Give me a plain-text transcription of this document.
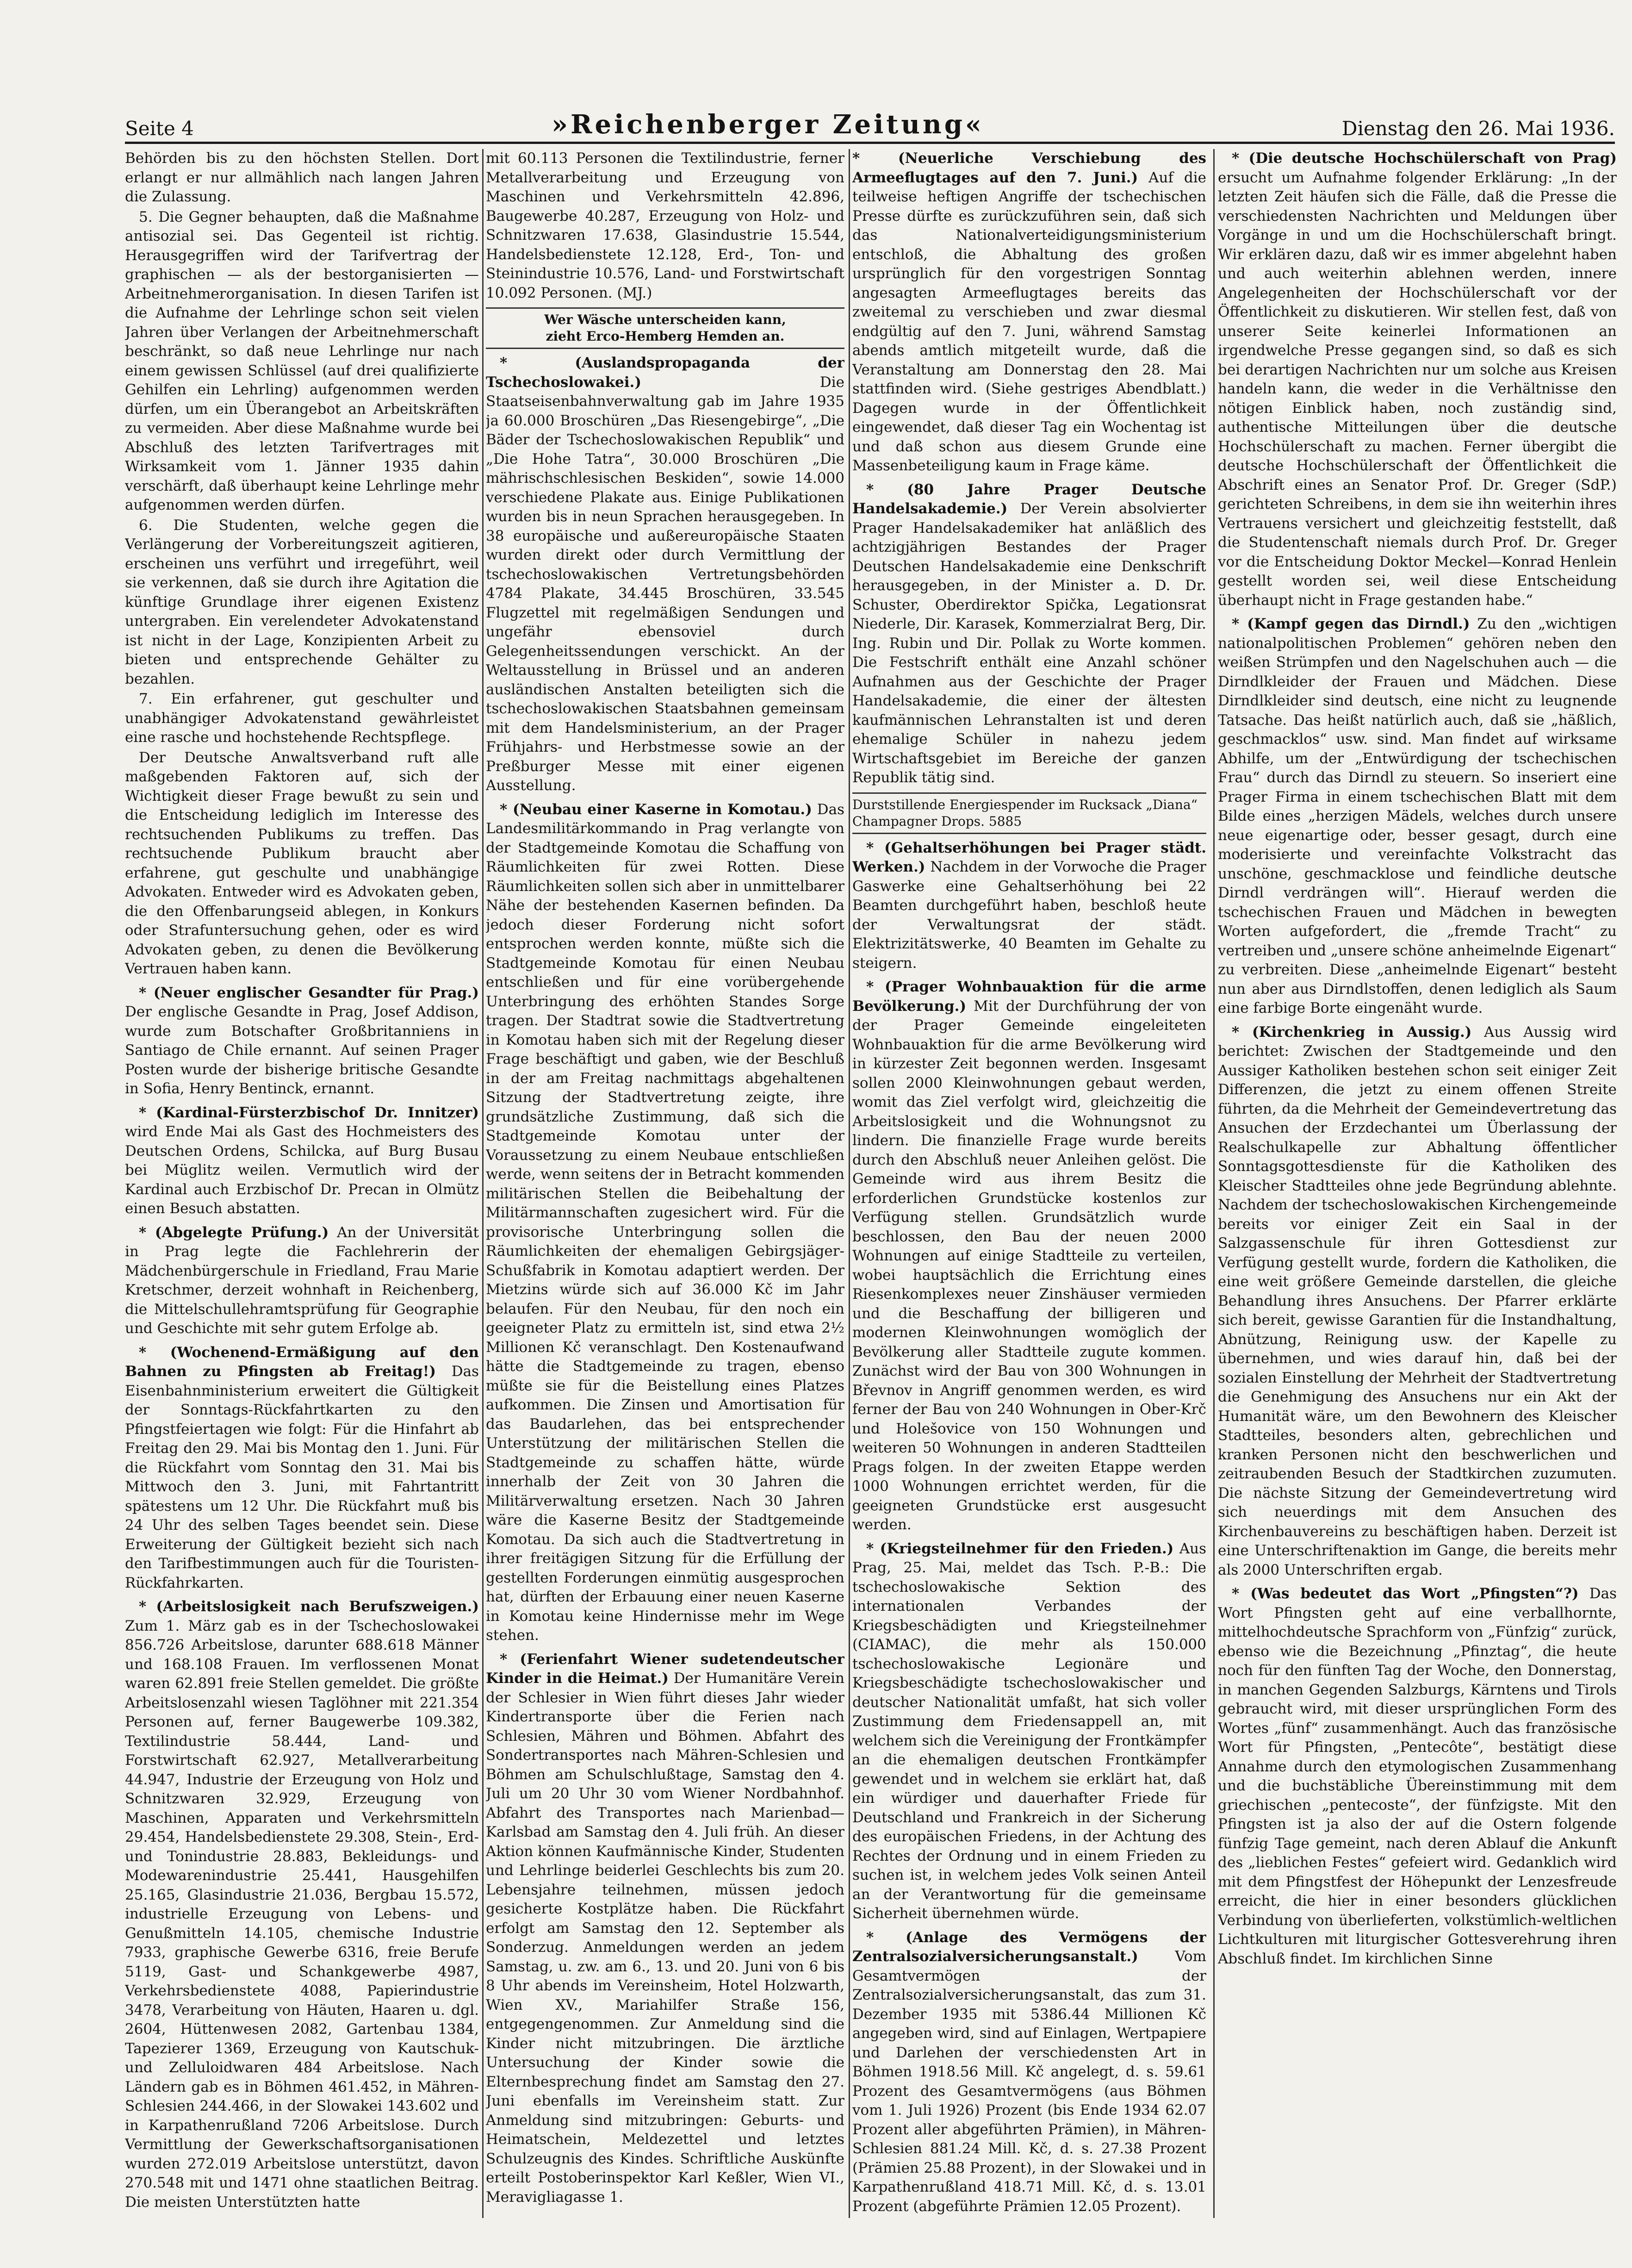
Seite 4	»Reichenberger Zeitung«	Dienstag den 26. Mai 1936.

Behörden bis zu den höchsten Stellen. Dort erlangt er nur allmählich nach langen Jahren die Zulassung.

5. Die Gegner behaupten, daß die Maßnahme antisozial sei. Das Gegenteil ist richtig. Herausgegriffen wird der Tarifvertrag der graphischen — als der bestorganisierten — Arbeitnehmerorganisation. In diesen Tarifen ist die Aufnahme der Lehrlinge schon seit vielen Jahren über Verlangen der Arbeitnehmerschaft beschränkt, so daß neue Lehrlinge nur nach einem gewissen Schlüssel (auf drei qualifizierte Gehilfen ein Lehrling) aufgenommen werden dürfen, um ein Überangebot an Arbeitskräften zu vermeiden. Aber diese Maßnahme wurde bei Abschluß des letzten Tarifvertrages mit Wirksamkeit vom 1. Jänner 1935 dahin verschärft, daß überhaupt keine Lehrlinge mehr aufgenommen werden dürfen.

6. Die Studenten, welche gegen die Verlängerung der Vorbereitungszeit agitieren, erscheinen uns verführt und irregeführt, weil sie verkennen, daß sie durch ihre Agitation die künftige Grundlage ihrer eigenen Existenz untergraben. Ein verelendeter Advokatenstand ist nicht in der Lage, Konzipienten Arbeit zu bieten und entsprechende Gehälter zu bezahlen.

7. Ein erfahrener, gut geschulter und unabhängiger Advokatenstand gewährleistet eine rasche und hochstehende Rechtspflege.

Der Deutsche Anwaltsverband ruft alle maßgebenden Faktoren auf, sich der Wichtigkeit dieser Frage bewußt zu sein und die Entscheidung lediglich im Interesse des rechtsuchenden Publikums zu treffen. Das rechtsuchende Publikum braucht aber erfahrene, gut geschulte und unabhängige Advokaten. Entweder wird es Advokaten geben, die den Offenbarungseid ablegen, in Konkurs oder Strafuntersuchung gehen, oder es wird Advokaten geben, zu denen die Bevölkerung Vertrauen haben kann.

* (Neuer englischer Gesandter für Prag.) Der englische Gesandte in Prag, Josef Addison, wurde zum Botschafter Großbritanniens in Santiago de Chile ernannt. Auf seinen Prager Posten wurde der bisherige britische Gesandte in Sofia, Henry Bentinck, ernannt.

* (Kardinal-Fürsterzbischof Dr. Innitzer) wird Ende Mai als Gast des Hochmeisters des Deutschen Ordens, Schilcka, auf Burg Busau bei Müglitz weilen. Vermutlich wird der Kardinal auch Erzbischof Dr. Precan in Olmütz einen Besuch abstatten.

* (Abgelegte Prüfung.) An der Universität in Prag legte die Fachlehrerin der Mädchenbürgerschule in Friedland, Frau Marie Kretschmer, derzeit wohnhaft in Reichenberg, die Mittelschullehramtsprüfung für Geographie und Geschichte mit sehr gutem Erfolge ab.

* (Wochenend-Ermäßigung auf den Bahnen zu Pfingsten ab Freitag!) Das Eisenbahnministerium erweitert die Gültigkeit der Sonntags-Rückfahrtkarten zu den Pfingstfeiertagen wie folgt: Für die Hinfahrt ab Freitag den 29. Mai bis Montag den 1. Juni. Für die Rückfahrt vom Sonntag den 31. Mai bis Mittwoch den 3. Juni, mit Fahrtantritt spätestens um 12 Uhr. Die Rückfahrt muß bis 24 Uhr des selben Tages beendet sein. Diese Erweiterung der Gültigkeit bezieht sich nach den Tarifbestimmungen auch für die Touristen-Rückfahrkarten.

* (Arbeitslosigkeit nach Berufszweigen.) Zum 1. März gab es in der Tschechoslowakei 856.726 Arbeitslose, darunter 688.618 Männer und 168.108 Frauen. Im verflossenen Monat waren 62.891 freie Stellen gemeldet. Die größte Arbeitslosenzahl wiesen Taglöhner mit 221.354 Personen auf, ferner Baugewerbe 109.382, Textilindustrie 58.444, Land- und Forstwirtschaft 62.927, Metallverarbeitung 44.947, Industrie der Erzeugung von Holz und Schnitzwaren 32.929, Erzeugung von Maschinen, Apparaten und Verkehrsmitteln 29.454, Handelsbedienstete 29.308, Stein-, Erd- und Tonindustrie 28.883, Bekleidungs- und Modewarenindustrie 25.441, Hausgehilfen 25.165, Glasindustrie 21.036, Bergbau 15.572, industrielle Erzeugung von Lebens- und Genußmitteln 14.105, chemische Industrie 7933, graphische Gewerbe 6316, freie Berufe 5119, Gast- und Schankgewerbe 4987, Verkehrsbedienstete 4088, Papierindustrie 3478, Verarbeitung von Häuten, Haaren u. dgl. 2604, Hüttenwesen 2082, Gartenbau 1384, Tapezierer 1369, Erzeugung von Kautschuk- und Zelluloidwaren 484 Arbeitslose. Nach Ländern gab es in Böhmen 461.452, in Mähren-Schlesien 244.466, in der Slowakei 143.602 und in Karpathenrußland 7206 Arbeitslose. Durch Vermittlung der Gewerkschaftsorganisationen wurden 272.019 Arbeitslose unterstützt, davon 270.548 mit und 1471 ohne staatlichen Beitrag. Die meisten Unterstützten hatte

mit 60.113 Personen die Textilindustrie, ferner Metallverarbeitung und Erzeugung von Maschinen und Verkehrsmitteln 42.896, Baugewerbe 40.287, Erzeugung von Holz- und Schnitzwaren 17.638, Glasindustrie 15.544, Handelsbedienstete 12.128, Erd-, Ton- und Steinindustrie 10.576, Land- und Forstwirtschaft 10.092 Personen. (MJ.)

Wer Wäsche unterscheiden kann,
zieht Erco-Hemberg Hemden an.

* (Auslandspropaganda der Tschechoslowakei.)	Die Staatseisenbahnverwaltung gab im Jahre 1935 ja 60.000 Broschüren „Das Riesengebirge“, „Die Bäder der Tschechoslowakischen Republik“ und „Die Hohe Tatra“, 30.000 Broschüren „Die mährischschlesischen Beskiden“, sowie 14.000 verschiedene Plakate aus. Einige Publikationen wurden bis in neun Sprachen herausgegeben. In 38 europäische und außereuropäische Staaten wurden direkt oder durch Vermittlung der tschechoslowakischen Vertretungsbehörden 4784 Plakate, 34.445 Broschüren, 33.545 Flugzettel mit regelmäßigen Sendungen und ungefähr ebensoviel durch Gelegenheitssendungen verschickt. An der Weltausstellung in Brüssel und an anderen ausländischen Anstalten beteiligten sich die tschechoslowakischen Staatsbahnen gemeinsam mit dem Handelsministerium, an der Prager Frühjahrs- und Herbstmesse sowie an der Preßburger Messe mit einer eigenen Ausstellung.

* (Neubau einer Kaserne in Komotau.) Das Landesmilitärkommando in Prag verlangte von der Stadtgemeinde Komotau die Schaffung von Räumlichkeiten für zwei Rotten. Diese Räumlichkeiten sollen sich aber in unmittelbarer Nähe der bestehenden Kasernen befinden. Da jedoch dieser Forderung nicht sofort entsprochen werden konnte, müßte sich die Stadtgemeinde Komotau für einen Neubau entschließen und für eine vorübergehende Unterbringung des erhöhten Standes Sorge tragen. Der Stadtrat sowie die Stadtvertretung in Komotau haben sich mit der Regelung dieser Frage beschäftigt und gaben, wie der Beschluß in der am Freitag nachmittags abgehaltenen Sitzung der Stadtvertretung zeigte, ihre grundsätzliche Zustimmung, daß sich die Stadtgemeinde Komotau unter der Voraussetzung zu einem Neubaue entschließen werde, wenn seitens der in Betracht kommenden militärischen Stellen die Beibehaltung der Militärmannschaften zugesichert wird. Für die provisorische Unterbringung sollen die Räumlichkeiten der ehemaligen Gebirgsjäger-Schußfabrik in Komotau adaptiert werden. Der Mietzins würde sich auf 36.000 Kč im Jahr belaufen. Für den Neubau, für den noch ein geeigneter Platz zu ermitteln ist, sind etwa 2½ Millionen Kč veranschlagt. Den Kostenaufwand hätte die Stadtgemeinde zu tragen, ebenso müßte sie für die Beistellung eines Platzes aufkommen. Die Zinsen und Amortisation für das Baudarlehen, das bei entsprechender Unterstützung der militärischen Stellen die Stadtgemeinde zu schaffen hätte, würde innerhalb der Zeit von 30 Jahren die Militärverwaltung ersetzen. Nach 30 Jahren wäre die Kaserne Besitz der Stadtgemeinde Komotau. Da sich auch die Stadtvertretung in ihrer freitägigen Sitzung für die Erfüllung der gestellten Forderungen einmütig ausgesprochen hat, dürften der Erbauung einer neuen Kaserne in Komotau keine Hindernisse mehr im Wege stehen.

* (Ferienfahrt Wiener sudetendeutscher Kinder in die Heimat.) Der Humanitäre Verein der Schlesier in Wien führt dieses Jahr wieder Kindertransporte über die Ferien nach Schlesien, Mähren und Böhmen. Abfahrt des Sondertransportes nach Mähren-Schlesien und Böhmen am Schulschlußtage, Samstag den 4. Juli um 20 Uhr 30 vom Wiener Nordbahnhof. Abfahrt des Transportes nach Marienbad—Karlsbad am Samstag den 4. Juli früh. An dieser Aktion können Kaufmännische Kinder, Studenten und Lehrlinge beiderlei Geschlechts bis zum 20. Lebensjahre teilnehmen, müssen jedoch gesicherte Kostplätze haben. Die Rückfahrt erfolgt am Samstag den 12. September als Sonderzug. Anmeldungen werden an jedem Samstag, u. zw. am 6., 13. und 20. Juni von 6 bis 8 Uhr abends im Vereinsheim, Hotel Holzwarth, Wien XV., Mariahilfer Straße 156, entgegengenommen. Zur Anmeldung sind die Kinder nicht mitzubringen. Die ärztliche Untersuchung der Kinder sowie die Elternbesprechung findet am Samstag den 27. Juni ebenfalls im Vereinsheim statt. Zur Anmeldung sind mitzubringen: Geburts- und Heimatschein, Meldezettel und letztes Schulzeugnis des Kindes. Schriftliche Auskünfte erteilt Postoberinspektor Karl Keßler, Wien VI., Meravigliagasse 1.

* (Neuerliche Verschiebung des Armeeflugtages auf den 7. Juni.) Auf die teilweise heftigen Angriffe der tschechischen Presse dürfte es zurückzuführen sein, daß sich das Nationalverteidigungsministerium entschloß, die Abhaltung des großen ursprünglich für den vorgestrigen Sonntag angesagten Armeeflugtages bereits das zweitemal zu verschieben und zwar diesmal endgültig auf den 7. Juni, während Samstag abends amtlich mitgeteilt wurde, daß die Veranstaltung am Donnerstag den 28. Mai stattfinden wird. (Siehe gestriges Abendblatt.) Dagegen wurde in der Öffentlichkeit eingewendet, daß dieser Tag ein Wochentag ist und daß schon aus diesem Grunde eine Massenbeteiligung kaum in Frage käme.

* (80 Jahre Prager Deutsche Handelsakademie.) Der Verein absolvierter Prager Handelsakademiker hat anläßlich des achtzigjährigen Bestandes der Prager Deutschen Handelsakademie eine Denkschrift herausgegeben, in der Minister a. D. Dr. Schuster, Oberdirektor Spička, Legationsrat Niederle, Dir. Karasek, Kommerzialrat Berg, Dir. Ing. Rubin und Dir. Pollak zu Worte kommen. Die Festschrift enthält eine Anzahl schöner Aufnahmen aus der Geschichte der Prager Handelsakademie, die einer der ältesten kaufmännischen Lehranstalten ist und deren ehemalige Schüler in nahezu jedem Wirtschaftsgebiet im Bereiche der ganzen Republik tätig sind.

Durststillende Energiespender im Rucksack „Diana“ Champagner Drops. 5885

* (Gehaltserhöhungen bei Prager städt. Werken.) Nachdem in der Vorwoche die Prager Gaswerke eine Gehaltserhöhung bei 22 Beamten durchgeführt haben, beschloß heute der Verwaltungsrat der städt. Elektrizitätswerke, 40 Beamten im Gehalte zu steigern.

* (Prager Wohnbauaktion für die arme Bevölkerung.) Mit der Durchführung der von der Prager Gemeinde eingeleiteten Wohnbauaktion für die arme Bevölkerung wird in kürzester Zeit begonnen werden. Insgesamt sollen 2000 Kleinwohnungen gebaut werden, womit das Ziel verfolgt wird, gleichzeitig die Arbeitslosigkeit und die Wohnungsnot zu lindern. Die finanzielle Frage wurde bereits durch den Abschluß neuer Anleihen gelöst. Die Gemeinde wird aus ihrem Besitz die erforderlichen Grundstücke kostenlos zur Verfügung stellen. Grundsätzlich wurde beschlossen, den Bau der neuen 2000 Wohnungen auf einige Stadtteile zu verteilen, wobei hauptsächlich die Errichtung eines Riesenkomplexes neuer Zinshäuser vermieden und die Beschaffung der billigeren und modernen Kleinwohnungen womöglich der Bevölkerung aller Stadtteile zugute kommen. Zunächst wird der Bau von 300 Wohnungen in Břevnov in Angriff genommen werden, es wird ferner der Bau von 240 Wohnungen in Ober-Krč und Holešovice von 150 Wohnungen und weiteren 50 Wohnungen in anderen Stadtteilen Prags folgen. In der zweiten Etappe werden 1000 Wohnungen errichtet werden, für die geeigneten Grundstücke erst ausgesucht werden.

* (Kriegsteilnehmer für den Frieden.) Aus Prag, 25. Mai, meldet das Tsch. P.-B.: Die tschechoslowakische Sektion des internationalen Verbandes der Kriegsbeschädigten und Kriegsteilnehmer (CIAMAC), die mehr als 150.000 tschechoslowakische Legionäre und Kriegsbeschädigte tschechoslowakischer und deutscher Nationalität umfaßt, hat sich voller Zustimmung dem Friedensappell an, mit welchem sich die Vereinigung der Frontkämpfer an die ehemaligen deutschen Frontkämpfer gewendet und in welchem sie erklärt hat, daß ein würdiger und dauerhafter Friede für Deutschland und Frankreich in der Sicherung des europäischen Friedens, in der Achtung des Rechtes der Ordnung und in einem Frieden zu suchen ist, in welchem jedes Volk seinen Anteil an der Verantwortung für die gemeinsame Sicherheit übernehmen würde.

* (Anlage des Vermögens der Zentralsozialversicherungsanstalt.)	Vom Gesamtvermögen der Zentralsozialversicherungsanstalt, das zum 31. Dezember 1935 mit 5386.44 Millionen Kč angegeben wird, sind auf Einlagen, Wertpapiere und Darlehen der verschiedensten Art in Böhmen 1918.56 Mill. Kč angelegt, d. s. 59.61 Prozent des Gesamtvermögens (aus Böhmen vom 1. Juli 1926) Prozent (bis Ende 1934 62.07 Prozent aller abgeführten Prämien), in Mähren-Schlesien 881.24 Mill. Kč, d. s. 27.38 Prozent (Prämien 25.88 Prozent), in der Slowakei und in Karpathenrußland 418.71 Mill. Kč, d. s. 13.01 Prozent (abgeführte Prämien 12.05 Prozent).

* (Die deutsche Hochschülerschaft von Prag) ersucht um Aufnahme folgender Erklärung: „In der letzten Zeit häufen sich die Fälle, daß die Presse die verschiedensten Nachrichten und Meldungen über Vorgänge in und um die Hochschülerschaft bringt. Wir erklären dazu, daß wir es immer abgelehnt haben und auch weiterhin ablehnen werden, innere Angelegenheiten der Hochschülerschaft vor der Öffentlichkeit zu diskutieren. Wir stellen fest, daß von unserer Seite keinerlei Informationen an irgendwelche Presse gegangen sind, so daß es sich bei derartigen Nachrichten nur um solche aus Kreisen handeln kann, die weder in die Verhältnisse den nötigen Einblick haben, noch zuständig sind, authentische Mitteilungen über die deutsche Hochschülerschaft zu machen. Ferner übergibt die deutsche Hochschülerschaft der Öffentlichkeit die Abschrift eines an Senator Prof. Dr. Greger (SdP.) gerichteten Schreibens, in dem sie ihn weiterhin ihres Vertrauens versichert und gleichzeitig feststellt, daß die Studentenschaft niemals durch Prof. Dr. Greger vor die Entscheidung Doktor Meckel—Konrad Henlein gestellt worden sei, weil diese Entscheidung überhaupt nicht in Frage gestanden habe.“

* (Kampf gegen das Dirndl.) Zu den „wichtigen nationalpolitischen Problemen“ gehören neben den weißen Strümpfen und den Nagelschuhen auch — die Dirndlkleider der Frauen und Mädchen. Diese Dirndlkleider sind deutsch, eine nicht zu leugnende Tatsache. Das heißt natürlich auch, daß sie „häßlich, geschmacklos“ usw. sind. Man findet auf wirksame Abhilfe, um der „Entwürdigung der tschechischen Frau“ durch das Dirndl zu steuern. So inseriert eine Prager Firma in einem tschechischen Blatt mit dem Bilde eines „herzigen Mädels, welches durch unsere neue eigenartige oder, besser gesagt, durch eine moderisierte und vereinfachte Volkstracht das unschöne, geschmacklose und feindliche deutsche Dirndl verdrängen will“. Hierauf werden die tschechischen Frauen und Mädchen in bewegten Worten aufgefordert, die „fremde Tracht“ zu vertreiben und „unsere schöne anheimelnde Eigenart“ zu verbreiten. Diese „anheimelnde Eigenart“ besteht nun aber aus Dirndlstoffen, denen lediglich als Saum eine farbige Borte eingenäht wurde.

* (Kirchenkrieg in Aussig.) Aus Aussig wird berichtet: Zwischen der Stadtgemeinde und den Aussiger Katholiken bestehen schon seit einiger Zeit Differenzen, die jetzt zu einem offenen Streite führten, da die Mehrheit der Gemeindevertretung das Ansuchen der Erzdechantei um Überlassung der Realschulkapelle zur Abhaltung öffentlicher Sonntagsgottesdienste für die Katholiken des Kleischer Stadtteiles ohne jede Begründung ablehnte. Nachdem der tschechoslowakischen Kirchengemeinde bereits vor einiger Zeit ein Saal in der Salzgassenschule für ihren Gottesdienst zur Verfügung gestellt wurde, fordern die Katholiken, die eine weit größere Gemeinde darstellen, die gleiche Behandlung ihres Ansuchens. Der Pfarrer erklärte sich bereit, gewisse Garantien für die Instandhaltung, Abnützung, Reinigung usw. der Kapelle zu übernehmen, und wies darauf hin, daß bei der sozialen Einstellung der Mehrheit der Stadtvertretung die Genehmigung des Ansuchens nur ein Akt der Humanität wäre, um den Bewohnern des Kleischer Stadtteiles, besonders alten, gebrechlichen und kranken Personen nicht den beschwerlichen und zeitraubenden Besuch der Stadtkirchen zuzumuten. Die nächste Sitzung der Gemeindevertretung wird sich neuerdings mit dem Ansuchen des Kirchenbauvereins zu beschäftigen haben. Derzeit ist eine Unterschriftenaktion im Gange, die bereits mehr als 2000 Unterschriften ergab.

* (Was bedeutet das Wort „Pfingsten“?) Das Wort Pfingsten geht auf eine verballhornte, mittelhochdeutsche Sprachform von „Fünfzig“ zurück, ebenso wie die Bezeichnung „Pfinztag“, die heute noch für den fünften Tag der Woche, den Donnerstag, in manchen Gegenden Salzburgs, Kärntens und Tirols gebraucht wird, mit dieser ursprünglichen Form des Wortes „fünf“ zusammenhängt. Auch das französische Wort für Pfingsten, „Pentecôte“, bestätigt diese Annahme durch den etymologischen Zusammenhang und die buchstäbliche Übereinstimmung mit dem griechischen „pentecoste“, der fünfzigste. Mit den Pfingsten ist ja also der auf die Ostern folgende fünfzig Tage gemeint, nach deren Ablauf die Ankunft des „lieblichen Festes“ gefeiert wird. Gedanklich wird mit dem Pfingstfest der Höhepunkt der Lenzesfreude erreicht, die hier in einer besonders glücklichen Verbindung von überlieferten, volkstümlich-weltlichen Lichtkulturen mit liturgischer Gottesverehrung ihren Abschluß findet. Im kirchlichen Sinne
